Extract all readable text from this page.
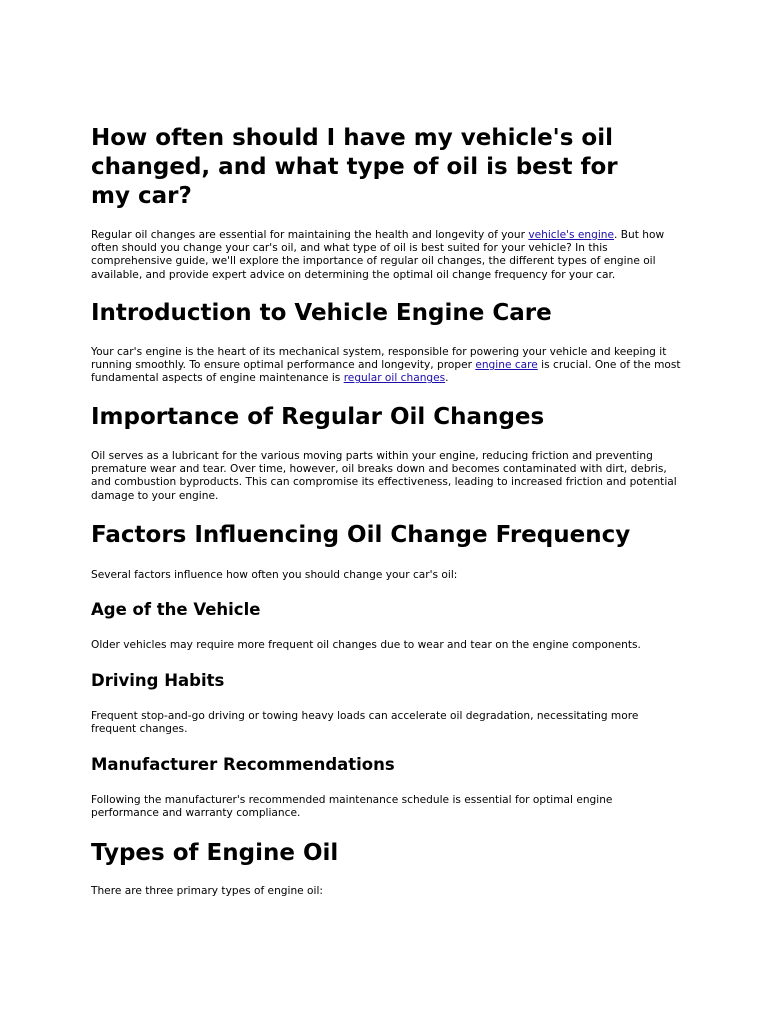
How often should I have my vehicle's oil changed, and what type of oil is best for my car?

Regular oil changes are essential for maintaining the health and longevity of your vehicle's engine. But how often should you change your car's oil, and what type of oil is best suited for your vehicle? In this comprehensive guide, we'll explore the importance of regular oil changes, the different types of engine oil available, and provide expert advice on determining the optimal oil change frequency for your car.

Introduction to Vehicle Engine Care

Your car's engine is the heart of its mechanical system, responsible for powering your vehicle and keeping it running smoothly. To ensure optimal performance and longevity, proper engine care is crucial. One of the most fundamental aspects of engine maintenance is regular oil changes.

Importance of Regular Oil Changes

Oil serves as a lubricant for the various moving parts within your engine, reducing friction and preventing premature wear and tear. Over time, however, oil breaks down and becomes contaminated with dirt, debris, and combustion byproducts. This can compromise its effectiveness, leading to increased friction and potential damage to your engine.

Factors Influencing Oil Change Frequency

Several factors influence how often you should change your car's oil:

Age of the Vehicle

Older vehicles may require more frequent oil changes due to wear and tear on the engine components.

Driving Habits

Frequent stop-and-go driving or towing heavy loads can accelerate oil degradation, necessitating more frequent changes.

Manufacturer Recommendations

Following the manufacturer's recommended maintenance schedule is essential for optimal engine performance and warranty compliance.

Types of Engine Oil

There are three primary types of engine oil:
